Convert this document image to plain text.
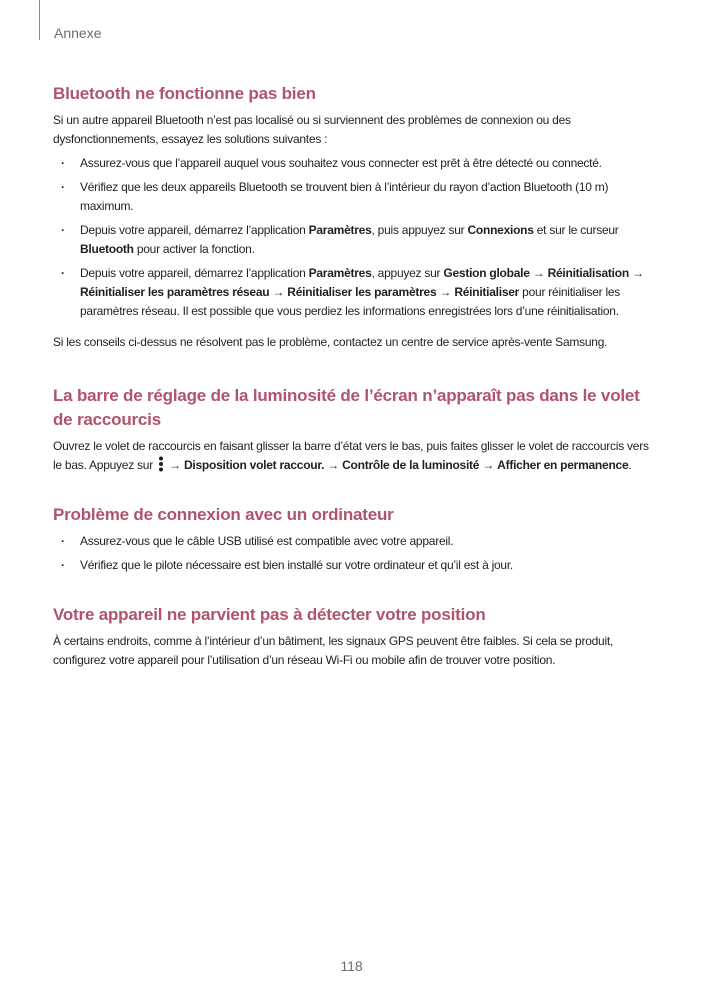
Annexe
Bluetooth ne fonctionne pas bien

Si un autre appareil Bluetooth n’est pas localisé ou si surviennent des problèmes de connexion ou des dysfonctionnements, essayez les solutions suivantes :

· Assurez-vous que l’appareil auquel vous souhaitez vous connecter est prêt à être détecté ou connecté.
· Vérifiez que les deux appareils Bluetooth se trouvent bien à l’intérieur du rayon d’action Bluetooth (10 m) maximum.
· Depuis votre appareil, démarrez l’application Paramètres, puis appuyez sur Connexions et sur le curseur Bluetooth pour activer la fonction.
· Depuis votre appareil, démarrez l’application Paramètres, appuyez sur Gestion globale → Réinitialisation → Réinitialiser les paramètres réseau → Réinitialiser les paramètres → Réinitialiser pour réinitialiser les paramètres réseau. Il est possible que vous perdiez les informations enregistrées lors d’une réinitialisation.

Si les conseils ci-dessus ne résolvent pas le problème, contactez un centre de service après-vente Samsung.

La barre de réglage de la luminosité de l’écran n’apparaît pas dans le volet de raccourcis

Ouvrez le volet de raccourcis en faisant glisser la barre d’état vers le bas, puis faites glisser le volet de raccourcis vers le bas. Appuyez sur  → Disposition volet raccour. → Contrôle de la luminosité → Afficher en permanence.

Problème de connexion avec un ordinateur
· Assurez-vous que le câble USB utilisé est compatible avec votre appareil.
· Vérifiez que le pilote nécessaire est bien installé sur votre ordinateur et qu’il est à jour.
Votre appareil ne parvient pas à détecter votre position

À certains endroits, comme à l’intérieur d’un bâtiment, les signaux GPS peuvent être faibles. Si cela se produit, configurez votre appareil pour l’utilisation d’un réseau Wi-Fi ou mobile afin de trouver votre position.

118
